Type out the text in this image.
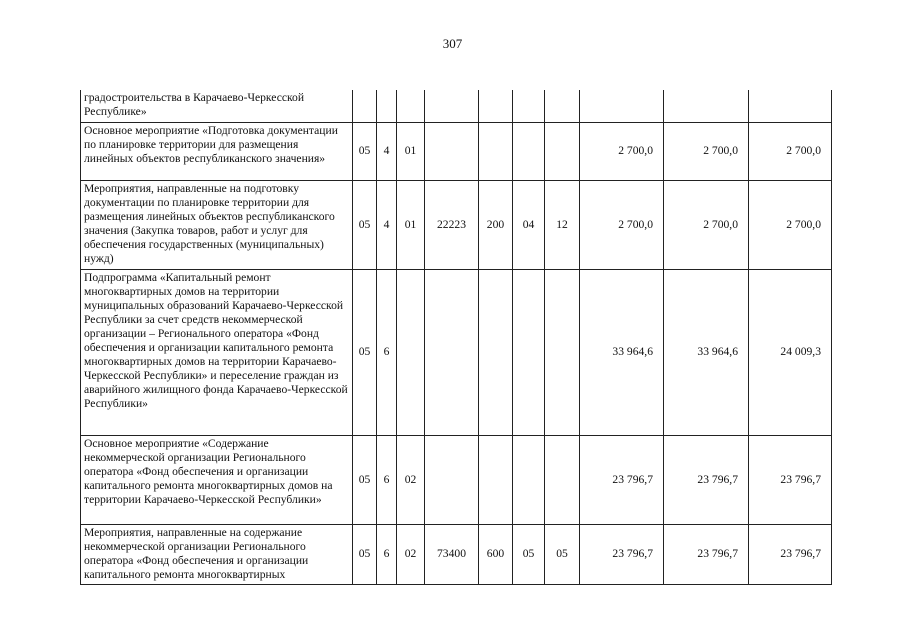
307
градостроительства в Карачаево-Черкесской Республике»										
Основное мероприятие «Подготовка документации по планировке территории для размещения линейных объектов республиканского значения»	05	4	01					2 700,0	2 700,0	2 700,0
Мероприятия, направленные на подготовку документации по планировке территории для размещения линейных объектов республиканского значения (Закупка товаров, работ и услуг для обеспечения государственных (муниципальных) нужд)	05	4	01	22223	200	04	12	2 700,0	2 700,0	2 700,0
Подпрограмма «Капитальный ремонт многоквартирных домов на территории муниципальных образований Карачаево-Черкесской Республики за счет средств некоммерческой организации – Регионального оператора «Фонд обеспечения и организации капитального ремонта многоквартирных домов на территории Карачаево-Черкесской Республики» и переселение граждан из аварийного жилищного фонда Карачаево-Черкесской Республики»	05	6						33 964,6	33 964,6	24 009,3
Основное мероприятие «Содержание некоммерческой организации Регионального оператора «Фонд обеспечения и организации капитального ремонта многоквартирных домов на территории Карачаево-Черкесской Республики»	05	6	02					23 796,7	23 796,7	23 796,7
Мероприятия, направленные на содержание некоммерческой организации Регионального оператора «Фонд обеспечения и организации капитального ремонта многоквартирных	05	6	02	73400	600	05	05	23 796,7	23 796,7	23 796,7
